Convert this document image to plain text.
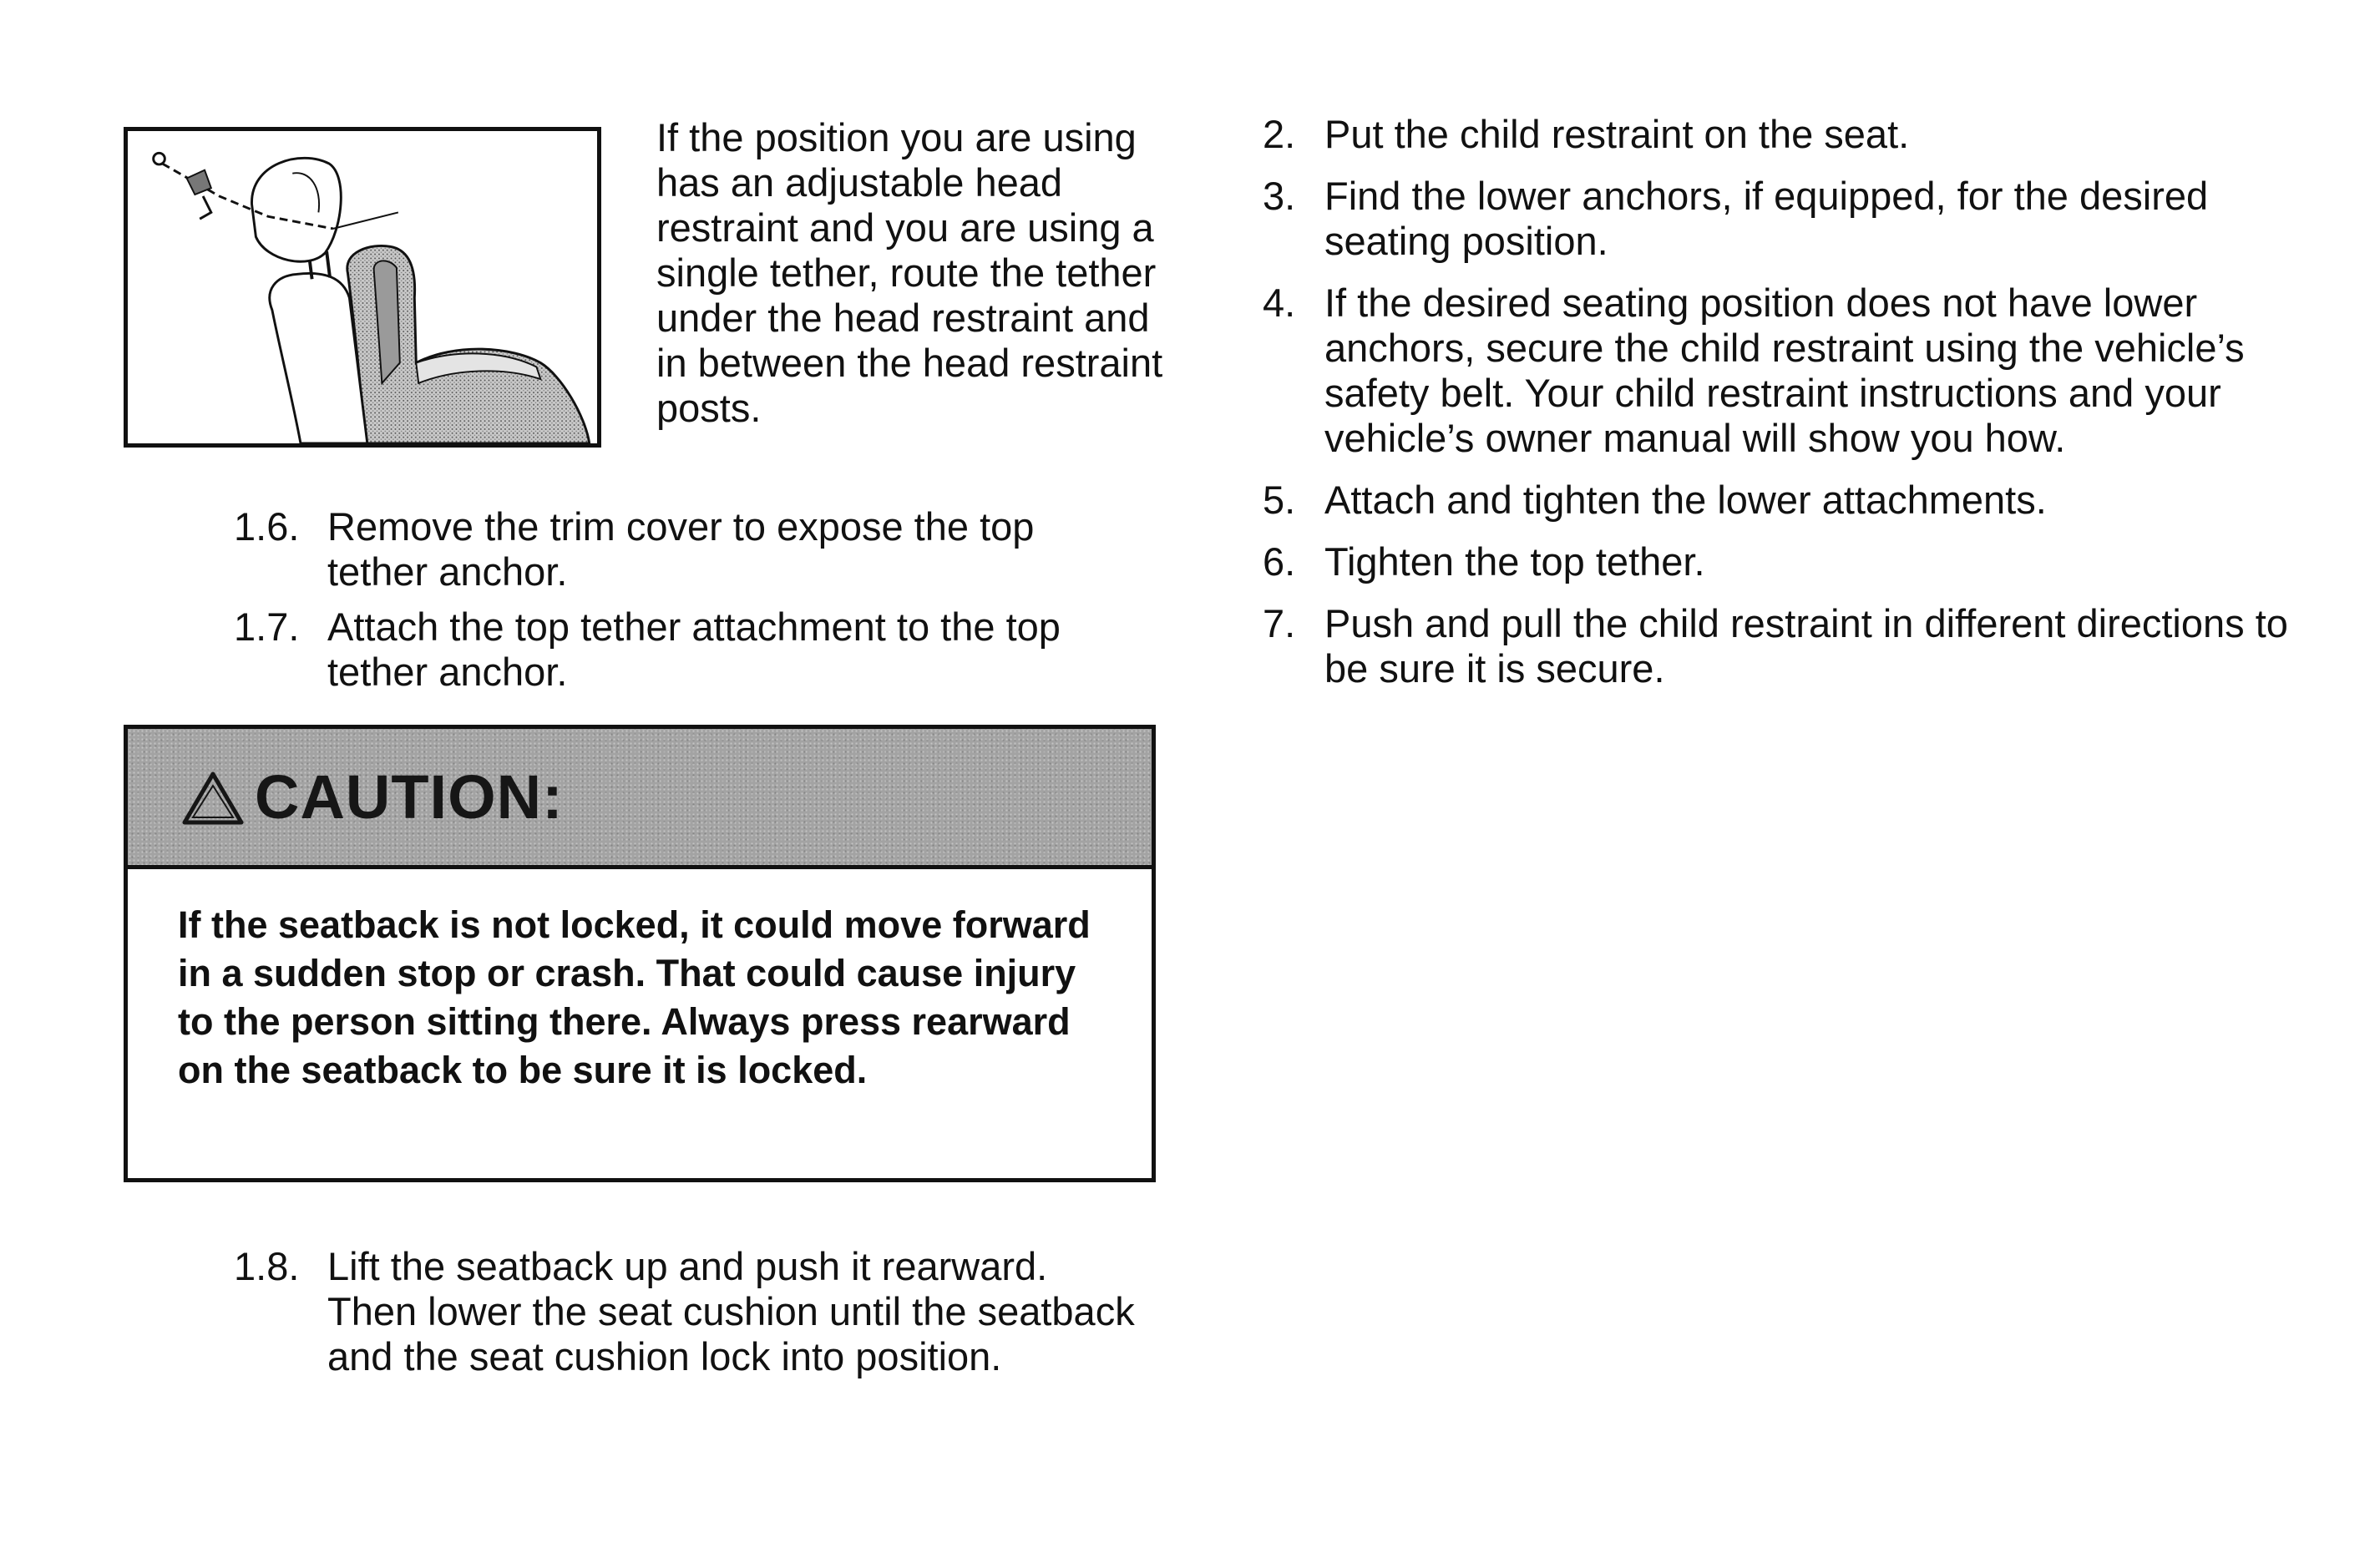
If the position you are using has an adjustable head restraint and you are using a single tether, route the tether under the head restraint and in between the head restraint posts.

1.6. Remove the trim cover to expose the top tether anchor.
1.7. Attach the top tether attachment to the top tether anchor.
CAUTION:

If the seatback is not locked, it could move forward in a sudden stop or crash. That could cause injury to the person sitting there. Always press rearward on the seatback to be sure it is locked.

1.8. Lift the seatback up and push it rearward. Then lower the seat cushion until the seatback and the seat cushion lock into position.
2. Put the child restraint on the seat.
3. Find the lower anchors, if equipped, for the desired seating position.
4. If the desired seating position does not have lower anchors, secure the child restraint using the vehicle’s safety belt. Your child restraint instructions and your vehicle’s owner manual will show you how.
5. Attach and tighten the lower attachments.
6. Tighten the top tether.
7. Push and pull the child restraint in different directions to be sure it is secure.
